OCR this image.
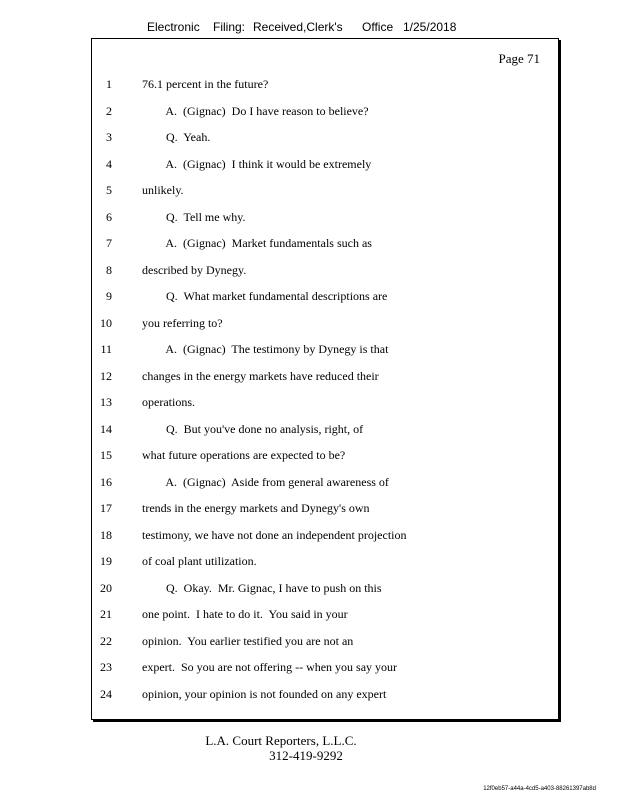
Electronic Filing: Received,Clerk's Office 1/25/2018
Page 71
1	76.1 percent in the future?
2	A.  (Gignac)  Do I have reason to believe?
3	Q.  Yeah.
4	A.  (Gignac)  I think it would be extremely
5	unlikely.
6	Q.  Tell me why.
7	A.  (Gignac)  Market fundamentals such as
8	described by Dynegy.
9	Q.  What market fundamental descriptions are
10	you referring to?
11	A.  (Gignac)  The testimony by Dynegy is that
12	changes in the energy markets have reduced their
13	operations.
14	Q.  But you've done no analysis, right, of
15	what future operations are expected to be?
16	A.  (Gignac)  Aside from general awareness of
17	trends in the energy markets and Dynegy's own
18	testimony, we have not done an independent projection
19	of coal plant utilization.
20	Q.  Okay.  Mr. Gignac, I have to push on this
21	one point.  I hate to do it.  You said in your
22	opinion.  You earlier testified you are not an
23	expert.  So you are not offering -- when you say your
24	opinion, your opinion is not founded on any expert
L.A. Court Reporters, L.L.C.
312-419-9292
12f0eb57-a44a-4cd5-a403-88261397ab8d
